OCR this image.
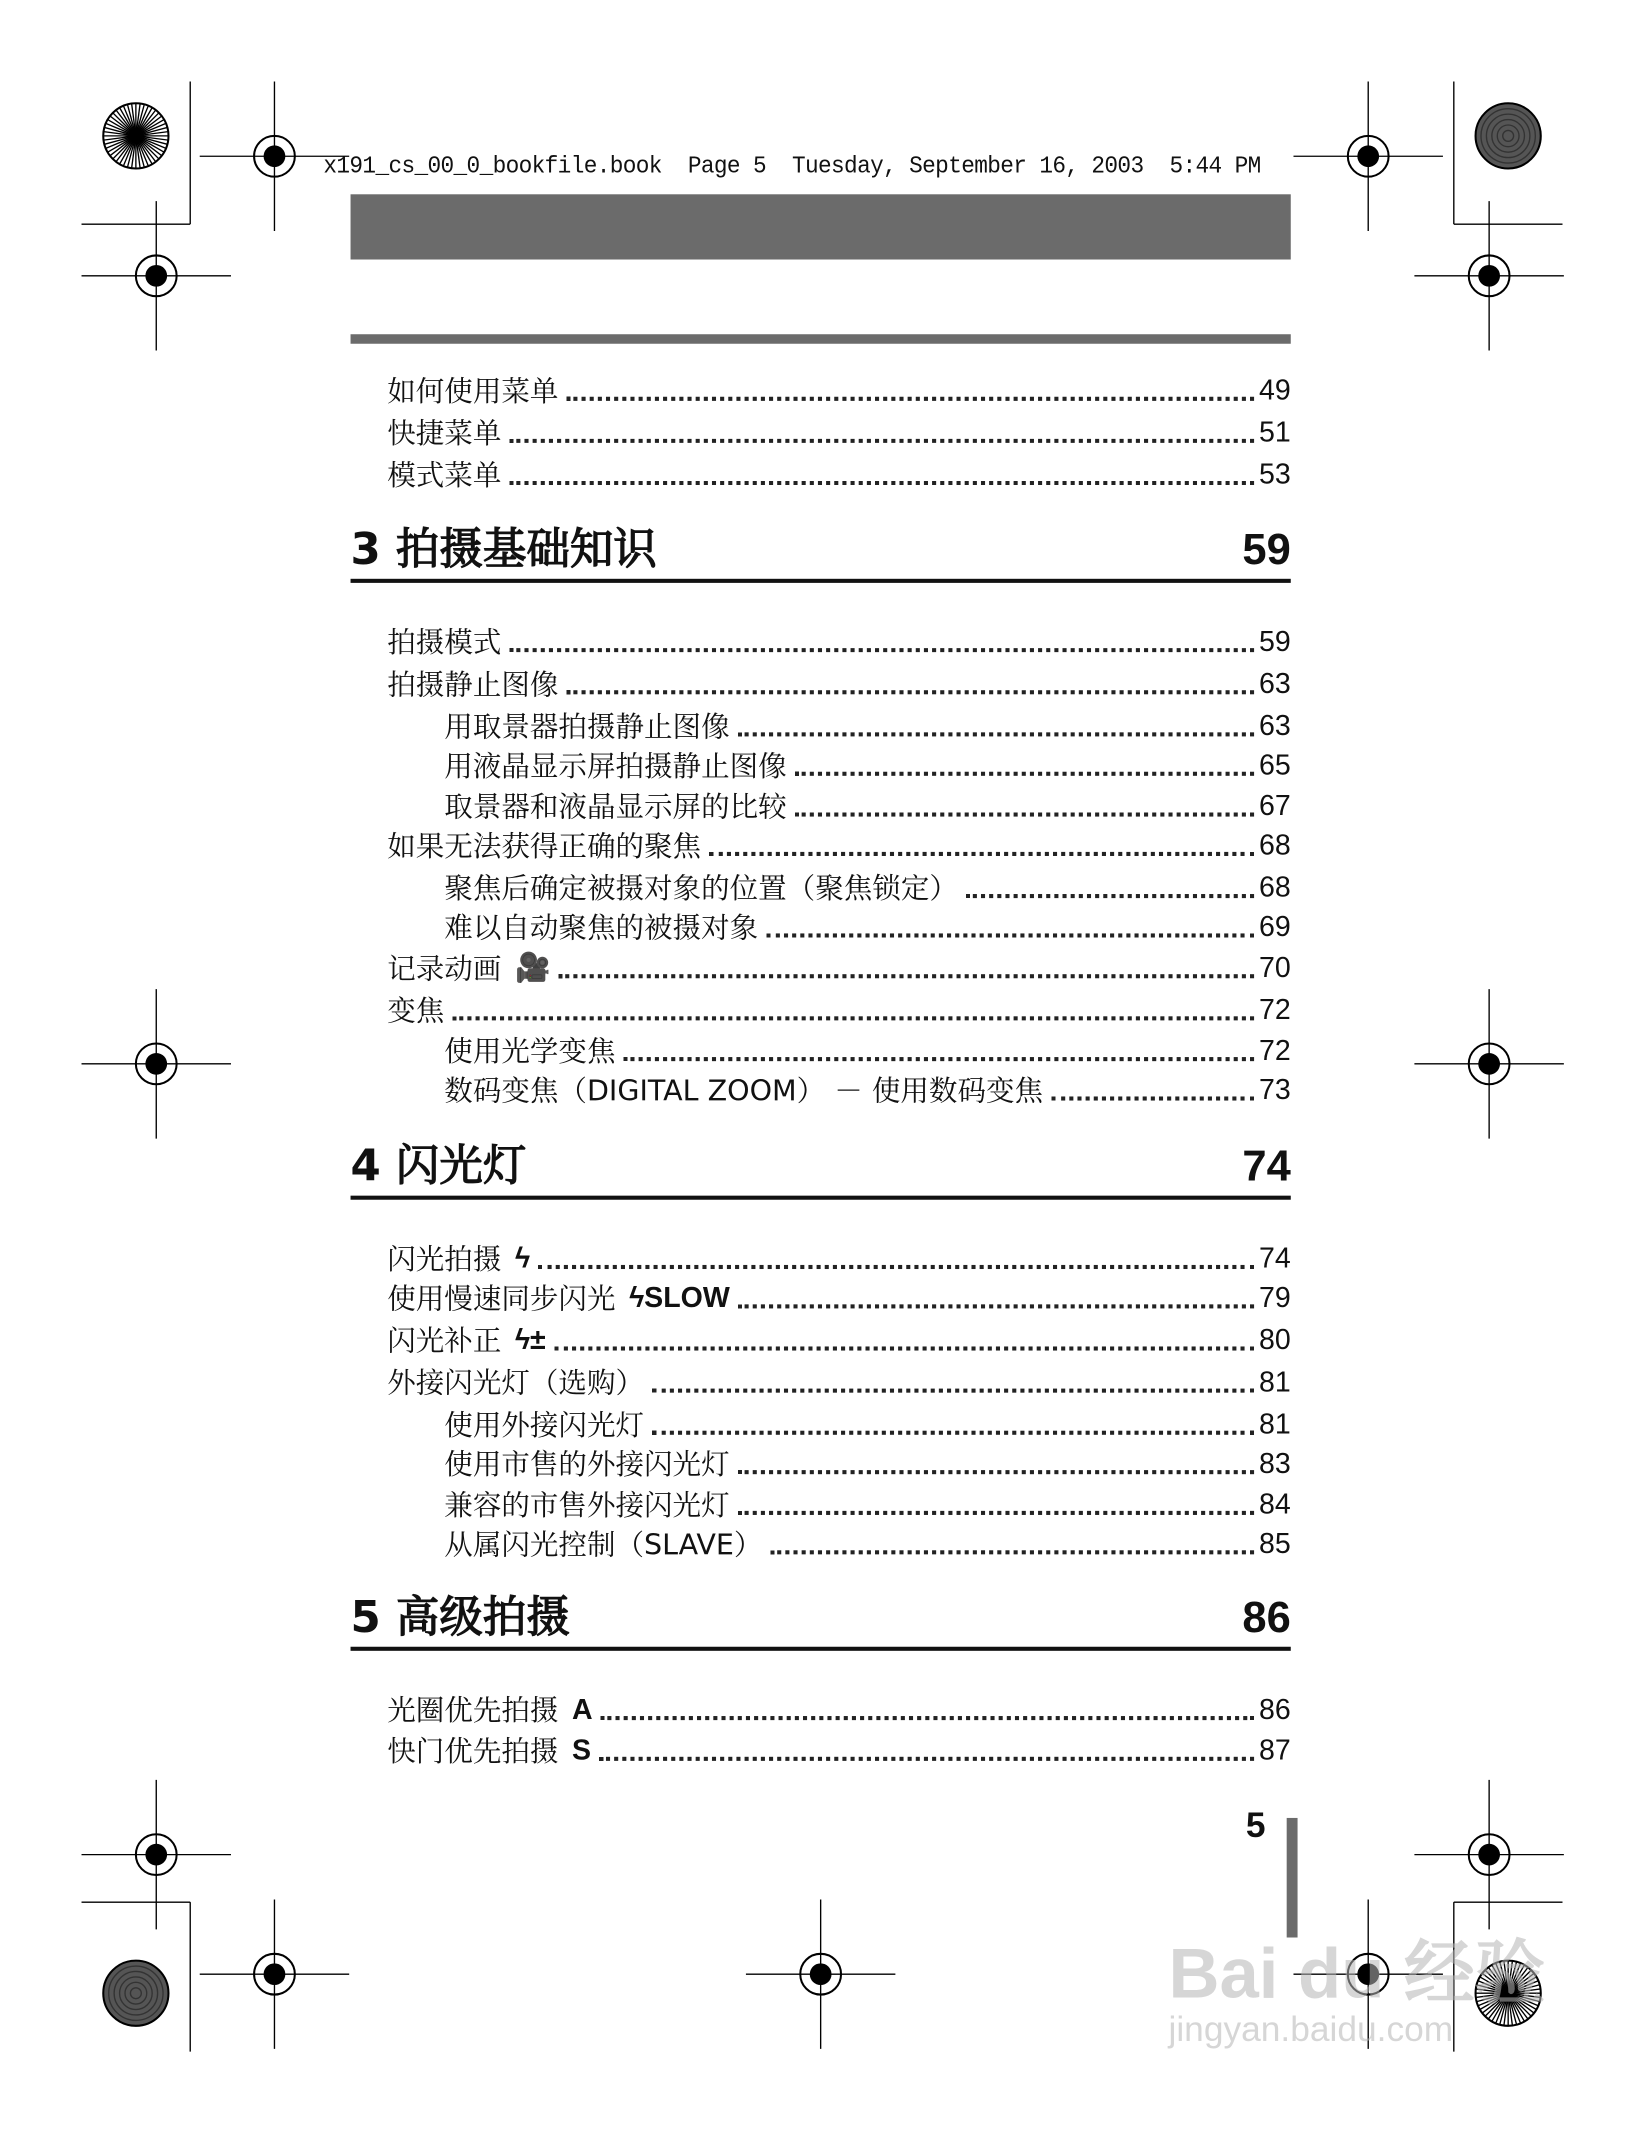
x191_cs_00_0_bookfile.book  Page 5  Tuesday, September 16, 2003  5:44 PM
如何使用菜单	49
快捷菜单	51
模式菜单	53
3 拍摄基础知识	59
拍摄模式	59
拍摄静止图像	63
用取景器拍摄静止图像	63
用液晶显示屏拍摄静止图像	65
取景器和液晶显示屏的比较	67
如果无法获得正确的聚焦	68
聚焦后确定被摄对象的位置（聚焦锁定）	68
难以自动聚焦的被摄对象	69
记录动画 🎥	70
变焦	72
使用光学变焦	72
数码变焦（DIGITAL ZOOM） － 使用数码变焦	73
4 闪光灯	74
闪光拍摄 ϟ	74
使用慢速同步闪光 ϟSLOW	79
闪光补正 ϟ±	80
外接闪光灯（选购）	81
使用外接闪光灯	81
使用市售的外接闪光灯	83
兼容的市售外接闪光灯	84
从属闪光控制（SLAVE）	85
5 高级拍摄	86
光圈优先拍摄 A	86
快门优先拍摄 S	87
5
Bai du 经验
jingyan.baidu.com
